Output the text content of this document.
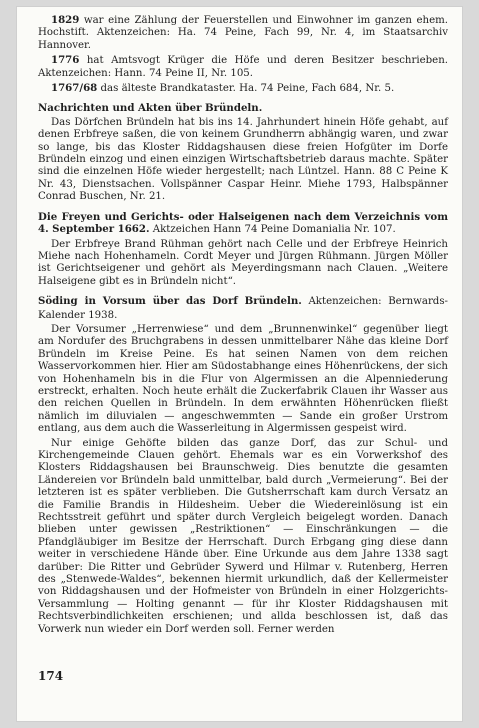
1829 war eine Zählung der Feuerstellen und Einwohner im ganzen ehem. Hochstift. Aktenzeichen: Ha. 74 Peine, Fach 99, Nr. 4, im Staatsarchiv Hannover.

1776 hat Amtsvogt Krüger die Höfe und deren Besitzer beschrieben. Aktenzeichen: Hann. 74 Peine II, Nr. 105.

1767/68 das älteste Brandkataster. Ha. 74 Peine, Fach 684, Nr. 5.

Nachrichten und Akten über Bründeln.

Das Dörfchen Bründeln hat bis ins 14. Jahrhundert hinein Höfe gehabt, auf denen Erbfreye saßen, die von keinem Grundherrn abhängig waren, und zwar so lange, bis das Kloster Riddagshausen diese freien Hofgüter im Dorfe Bründeln einzog und einen einzigen Wirtschaftsbetrieb daraus machte. Später sind die einzelnen Höfe wieder hergestellt; nach Lüntzel. Hann. 88 C Peine K Nr. 43, Dienstsachen. Vollspänner Caspar Heinr. Miehe 1793, Halbspänner Conrad Buschen, Nr. 21.

Die Freyen und Gerichts- oder Halseigenen nach dem Verzeichnis vom 4. September 1662. Aktzeichen Hann 74 Peine Domanialia Nr. 107.

Der Erbfreye Brand Rühman gehört nach Celle und der Erbfreye Heinrich Miehe nach Hohenhameln. Cordt Meyer und Jürgen Rühmann. Jürgen Möller ist Gerichtseigener und gehört als Meyerdingsmann nach Clauen. „Weitere Halseigene gibt es in Bründeln nicht“.

Söding in Vorsum über das Dorf Bründeln. Aktenzeichen: Bernwards-Kalender 1938.

Der Vorsumer „Herrenwiese“ und dem „Brunnenwinkel“ gegenüber liegt am Nordufer des Bruchgrabens in dessen unmittelbarer Nähe das kleine Dorf Bründeln im Kreise Peine. Es hat seinen Namen von dem reichen Wasservorkommen hier. Hier am Südostabhange eines Höhenrückens, der sich von Hohenhameln bis in die Flur von Algermissen an die Alpenniederung erstreckt, erhalten. Noch heute erhält die Zuckerfabrik Clauen ihr Wasser aus den reichen Quellen in Bründeln. In dem erwähnten Höhenrücken fließt nämlich im diluvialen — angeschwemmten — Sande ein großer Urstrom entlang, aus dem auch die Wasserleitung in Algermissen gespeist wird.

Nur einige Gehöfte bilden das ganze Dorf, das zur Schul- und Kirchengemeinde Clauen gehört. Ehemals war es ein Vorwerkshof des Klosters Riddagshausen bei Braunschweig. Dies benutzte die gesamten Ländereien vor Bründeln bald unmittelbar, bald durch „Vermeierung“. Bei der letzteren ist es später verblieben. Die Gutsherrschaft kam durch Versatz an die Familie Brandis in Hildesheim. Ueber die Wiedereinlösung ist ein Rechtsstreit geführt und später durch Vergleich beigelegt worden. Danach blieben unter gewissen „Restriktionen“ — Einschränkungen — die Pfandgläubiger im Besitze der Herrschaft. Durch Erbgang ging diese dann weiter in verschiedene Hände über. Eine Urkunde aus dem Jahre 1338 sagt darüber: Die Ritter und Gebrüder Sywerd und Hilmar v. Rutenberg, Herren des „Stenwede-Waldes“, bekennen hiermit urkundlich, daß der Kellermeister von Riddagshausen und der Hofmeister von Bründeln in einer Holzgerichts-Versammlung — Holting genannt — für ihr Kloster Riddagshausen mit Rechtsverbindlichkeiten erschienen; und allda beschlossen ist, daß das Vorwerk nun wieder ein Dorf werden soll. Ferner werden

174
